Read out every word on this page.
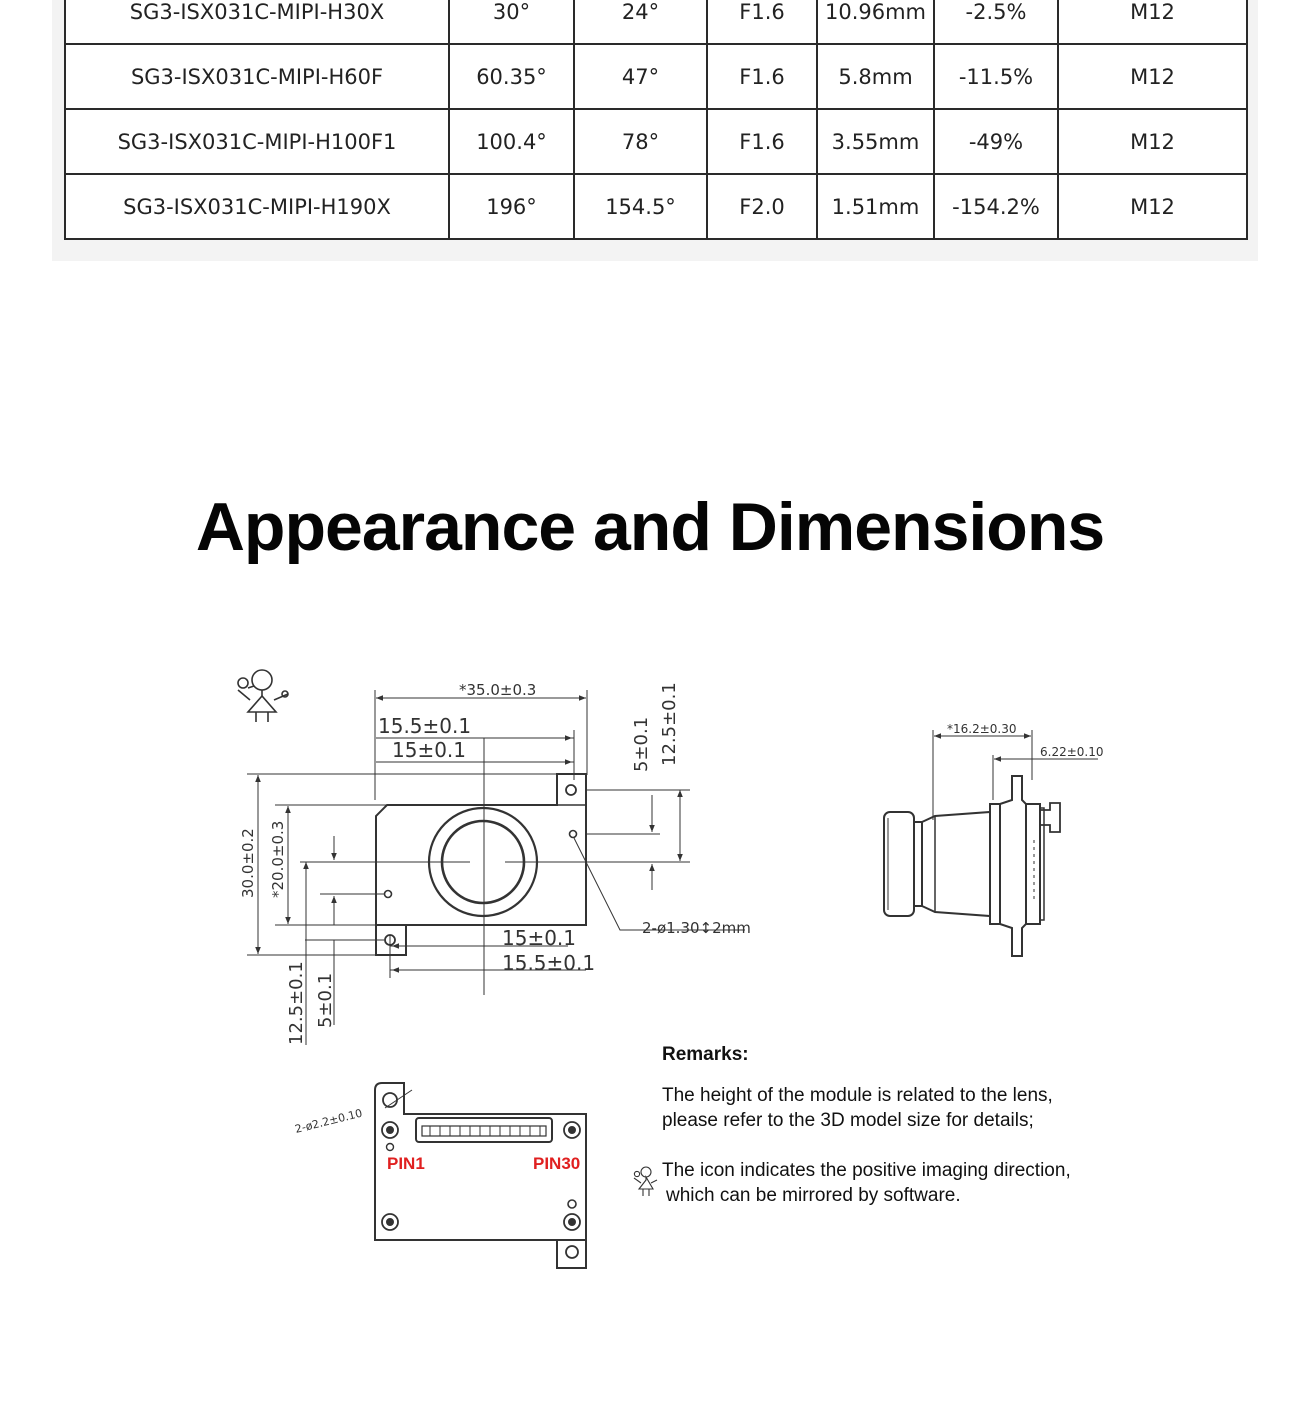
SG3-ISX031C-MIPI-H30X	30°	24°	F1.6	10.96mm	-2.5%	M12
SG3-ISX031C-MIPI-H60F	60.35°	47°	F1.6	5.8mm	-11.5%	M12
SG3-ISX031C-MIPI-H100F1	100.4°	78°	F1.6	3.55mm	-49%	M12
SG3-ISX031C-MIPI-H190X	196°	154.5°	F2.0	1.51mm	-154.2%	M12
Appearance and Dimensions
*35.0±0.3
15.5±0.1
15±0.1	5±0.1 12.5±0.1
30.0±0.2 *20.0±0.3
15±0.1
15.5±0.1
12.5±0.1 5±0.1
2-ø1.30↕2mm
*16.2±0.30
6.22±0.10
2-ø2.2±0.10
PIN1	PIN30
Remarks:
The height of the module is related to the lens,
please refer to the 3D model size for details;
The icon indicates the positive imaging direction,
which can be mirrored by software.
